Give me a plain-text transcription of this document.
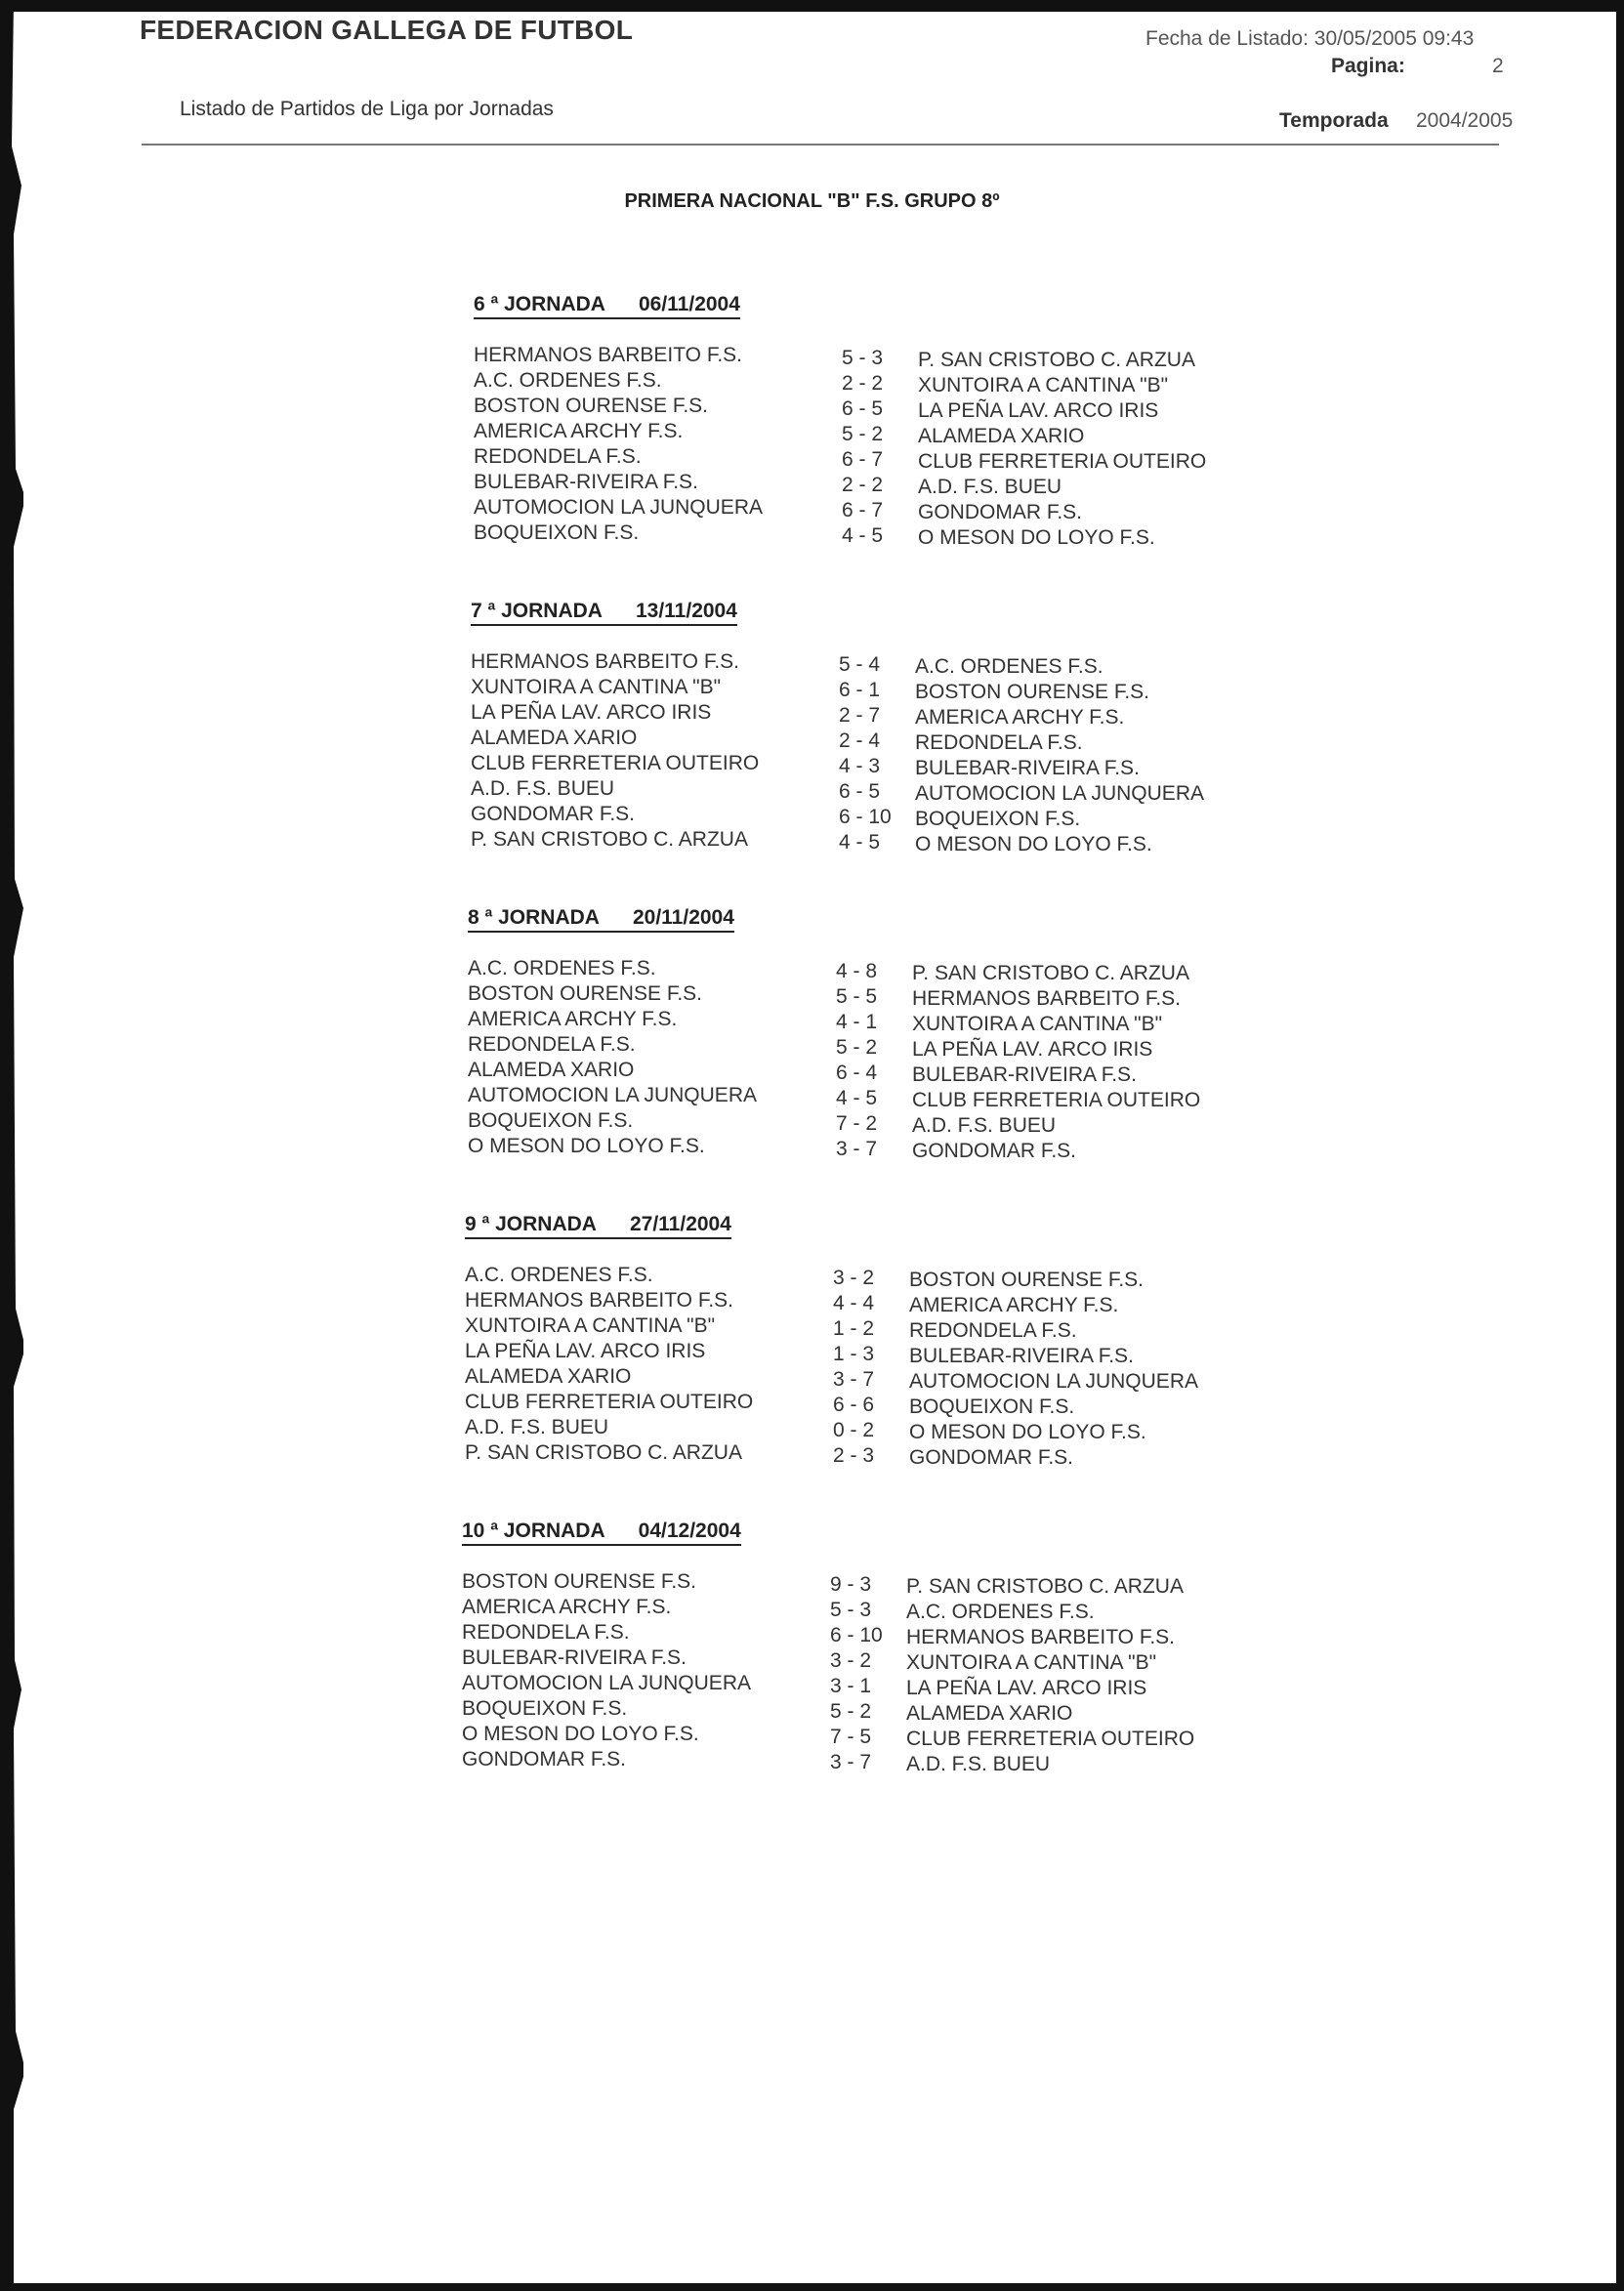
FEDERACION GALLEGA DE FUTBOL
Listado de Partidos de Liga por Jornadas
Fecha de Listado: 30/05/2005 09:43
Pagina:	2
Temporada 2004/2005
PRIMERA NACIONAL "B" F.S. GRUPO 8º
6 ª JORNADA 06/11/2004
HERMANOS BARBEITO F.S.	5 - 3 P. SAN CRISTOBO C. ARZUA
A.C. ORDENES F.S.	2 - 2 XUNTOIRA A CANTINA "B"
BOSTON OURENSE F.S.	6 - 5 LA PEÑA LAV. ARCO IRIS
AMERICA ARCHY F.S.	5 - 2 ALAMEDA XARIO
REDONDELA F.S.	6 - 7 CLUB FERRETERIA OUTEIRO
BULEBAR-RIVEIRA F.S.	2 - 2 A.D. F.S. BUEU
AUTOMOCION LA JUNQUERA	6 - 7 GONDOMAR F.S.
BOQUEIXON F.S.	4 - 5 O MESON DO LOYO F.S.
7 ª JORNADA 13/11/2004
HERMANOS BARBEITO F.S.	5 - 4 A.C. ORDENES F.S.
XUNTOIRA A CANTINA "B"	6 - 1 BOSTON OURENSE F.S.
LA PEÑA LAV. ARCO IRIS	2 - 7 AMERICA ARCHY F.S.
ALAMEDA XARIO	2 - 4 REDONDELA F.S.
CLUB FERRETERIA OUTEIRO	4 - 3 BULEBAR-RIVEIRA F.S.
A.D. F.S. BUEU	6 - 5 AUTOMOCION LA JUNQUERA
GONDOMAR F.S.	6 - 10 BOQUEIXON F.S.
P. SAN CRISTOBO C. ARZUA	4 - 5 O MESON DO LOYO F.S.
8 ª JORNADA 20/11/2004
A.C. ORDENES F.S.	4 - 8 P. SAN CRISTOBO C. ARZUA
BOSTON OURENSE F.S.	5 - 5 HERMANOS BARBEITO F.S.
AMERICA ARCHY F.S.	4 - 1 XUNTOIRA A CANTINA "B"
REDONDELA F.S.	5 - 2 LA PEÑA LAV. ARCO IRIS
ALAMEDA XARIO	6 - 4 BULEBAR-RIVEIRA F.S.
AUTOMOCION LA JUNQUERA	4 - 5 CLUB FERRETERIA OUTEIRO
BOQUEIXON F.S.	7 - 2 A.D. F.S. BUEU
O MESON DO LOYO F.S.	3 - 7 GONDOMAR F.S.
9 ª JORNADA 27/11/2004
A.C. ORDENES F.S.	3 - 2 BOSTON OURENSE F.S.
HERMANOS BARBEITO F.S.	4 - 4 AMERICA ARCHY F.S.
XUNTOIRA A CANTINA "B"	1 - 2 REDONDELA F.S.
LA PEÑA LAV. ARCO IRIS	1 - 3 BULEBAR-RIVEIRA F.S.
ALAMEDA XARIO	3 - 7 AUTOMOCION LA JUNQUERA
CLUB FERRETERIA OUTEIRO	6 - 6 BOQUEIXON F.S.
A.D. F.S. BUEU	0 - 2 O MESON DO LOYO F.S.
P. SAN CRISTOBO C. ARZUA	2 - 3 GONDOMAR F.S.
10 ª JORNADA 04/12/2004
BOSTON OURENSE F.S.	9 - 3 P. SAN CRISTOBO C. ARZUA
AMERICA ARCHY F.S.	5 - 3 A.C. ORDENES F.S.
REDONDELA F.S.	6 - 10 HERMANOS BARBEITO F.S.
BULEBAR-RIVEIRA F.S.	3 - 2 XUNTOIRA A CANTINA "B"
AUTOMOCION LA JUNQUERA	3 - 1 LA PEÑA LAV. ARCO IRIS
BOQUEIXON F.S.	5 - 2 ALAMEDA XARIO
O MESON DO LOYO F.S.	7 - 5 CLUB FERRETERIA OUTEIRO
GONDOMAR F.S.	3 - 7 A.D. F.S. BUEU
